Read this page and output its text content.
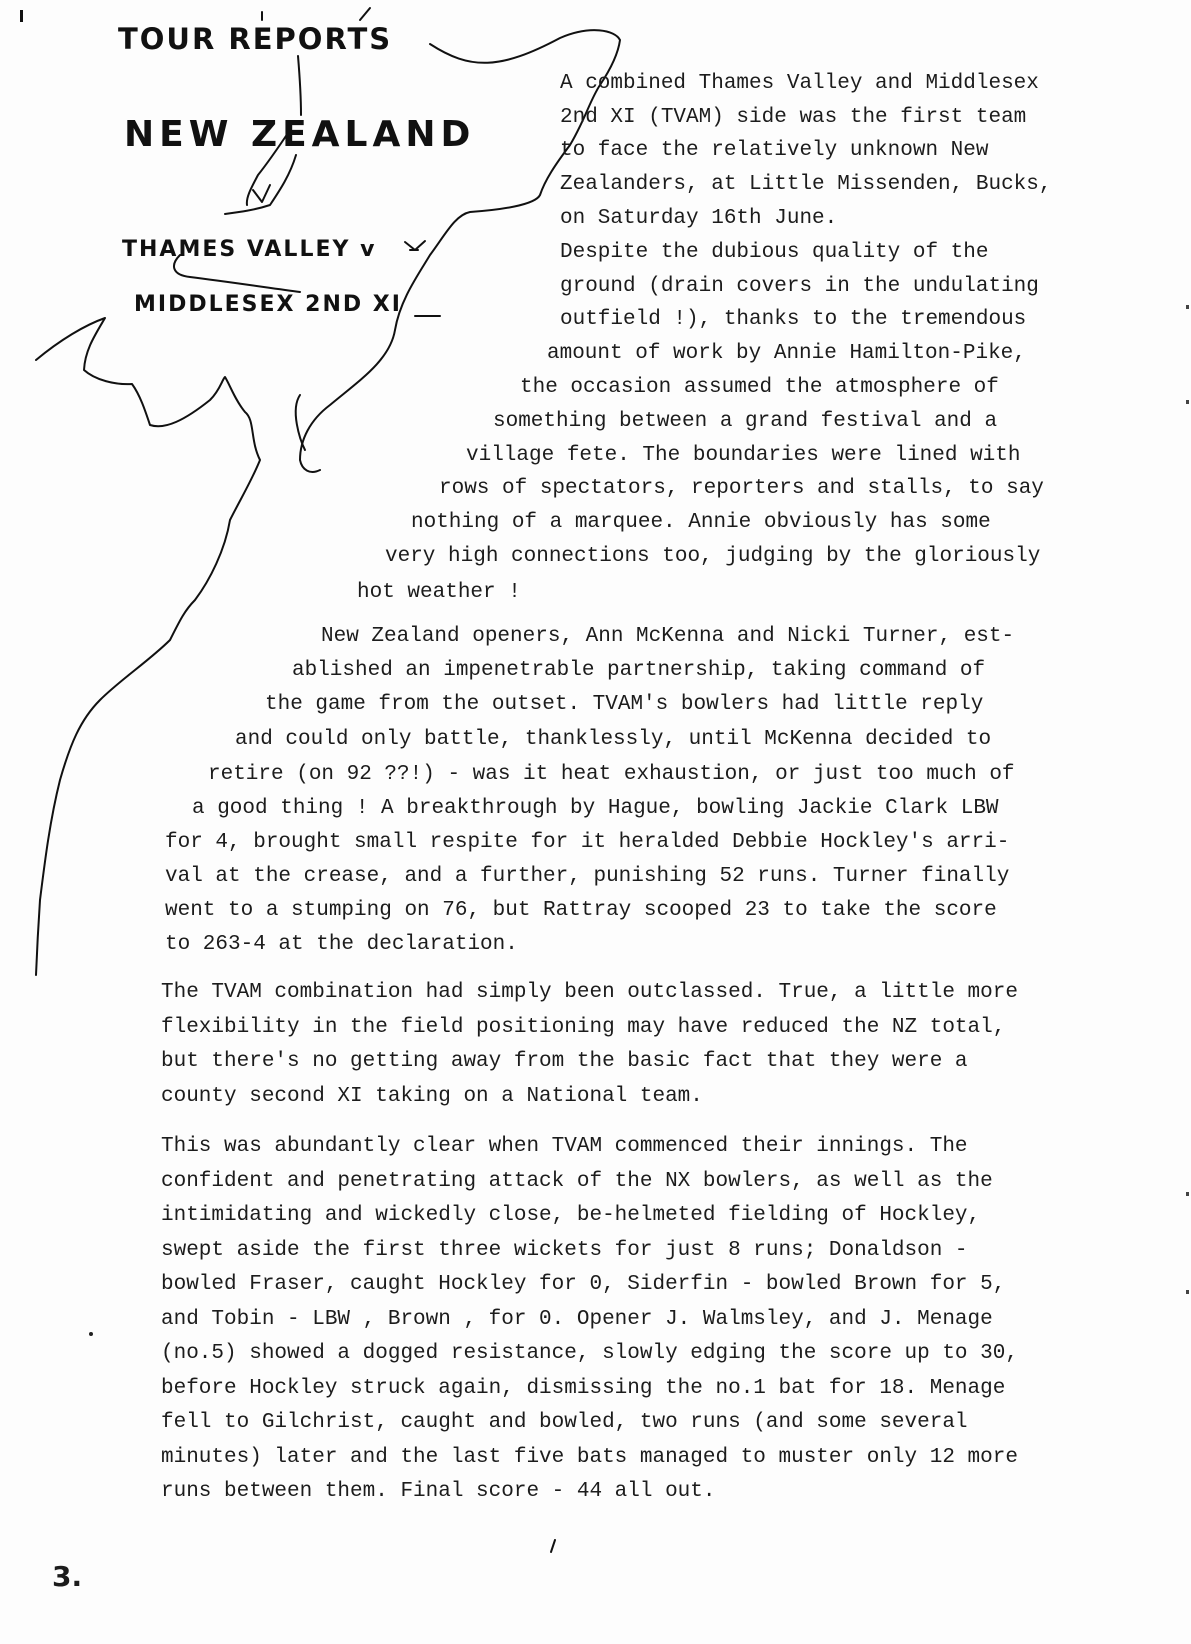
TOUR REPORTS
NEW ZEALAND
THAMES VALLEY v
MIDDLESEX 2ND XI
A combined Thames Valley and Middlesex
2nd XI (TVAM) side was the first team
to face the relatively unknown New
Zealanders, at Little Missenden, Bucks,
on Saturday 16th June.
Despite the dubious quality of the
ground (drain covers in the undulating
outfield !), thanks to the tremendous
amount of work by Annie Hamilton-Pike,
the occasion assumed the atmosphere of
something between a grand festival and a
village fete. The boundaries were lined with
rows of spectators, reporters and stalls, to say
nothing of a marquee. Annie obviously has some
very high connections too, judging by the gloriously
hot weather !
New Zealand openers, Ann McKenna and Nicki Turner, est-
ablished an impenetrable partnership, taking command of
the game from the outset. TVAM's bowlers had little reply
and could only battle, thanklessly, until McKenna decided to
retire (on 92 ??!) - was it heat exhaustion, or just too much of
a good thing ! A breakthrough by Hague, bowling Jackie Clark LBW
for 4, brought small respite for it heralded Debbie Hockley's arri-
val at the crease, and a further, punishing 52 runs. Turner finally
went to a stumping on 76, but Rattray scooped 23 to take the score
to 263-4 at the declaration.
The TVAM combination had simply been outclassed. True, a little more
flexibility in the field positioning may have reduced the NZ total,
but there's no getting away from the basic fact that they were a
county second XI taking on a National team.
This was abundantly clear when TVAM commenced their innings. The
confident and penetrating attack of the NX bowlers, as well as the
intimidating and wickedly close, be-helmeted fielding of Hockley,
swept aside the first three wickets for just 8 runs; Donaldson -
bowled Fraser, caught Hockley for 0, Siderfin - bowled Brown for 5,
and Tobin - LBW , Brown , for 0. Opener J. Walmsley, and J. Menage
(no.5) showed a dogged resistance, slowly edging the score up to 30,
before Hockley struck again, dismissing the no.1 bat for 18. Menage
fell to Gilchrist, caught and bowled, two runs (and some several
minutes) later and the last five bats managed to muster only 12 more
runs between them. Final score - 44 all out.
3.
